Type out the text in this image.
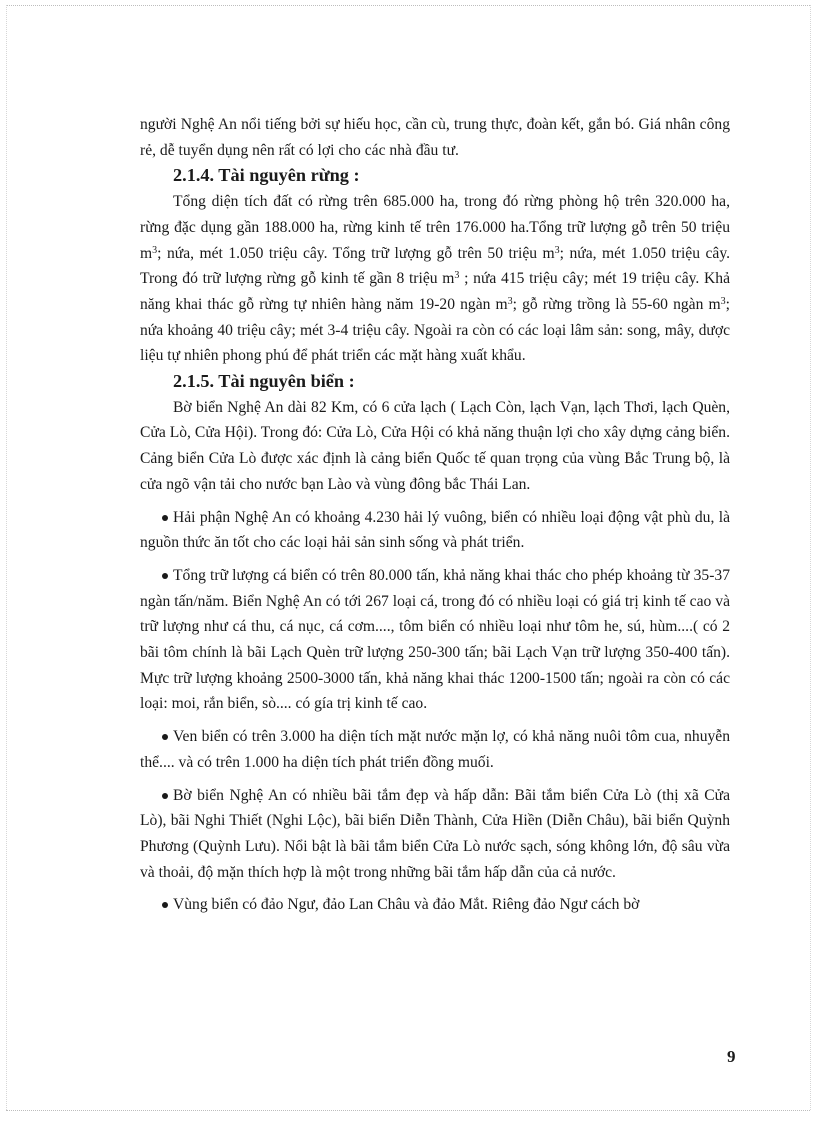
người Nghệ An nổi tiếng bởi sự hiếu học, cần cù, trung thực, đoàn kết, gắn bó. Giá nhân công rẻ, dễ tuyển dụng nên rất có lợi cho các nhà đầu tư.

2.1.4. Tài nguyên rừng :

Tổng diện tích đất có rừng trên 685.000 ha, trong đó rừng phòng hộ trên 320.000 ha, rừng đặc dụng gần 188.000 ha, rừng kinh tế trên 176.000 ha.Tổng trữ lượng gỗ trên 50 triệu $m^3$; nứa, mét 1.050 triệu cây. Tổng trữ lượng gỗ trên 50 triệu $m^3$; nứa, mét 1.050 triệu cây. Trong đó trữ lượng rừng gỗ kinh tế gần 8 triệu $m^3$ ; nứa 415 triệu cây; mét 19 triệu cây. Khả năng khai thác gỗ rừng tự nhiên hàng năm 19-20 ngàn $m^3$; gỗ rừng trồng là 55-60 ngàn $m^3$; nứa khoảng 40 triệu cây; mét 3-4 triệu cây. Ngoài ra còn có các loại lâm sản: song, mây, dược liệu tự nhiên phong phú để phát triển các mặt hàng xuất khẩu.

2.1.5. Tài nguyên biển :

Bờ biển Nghệ An dài 82 Km, có 6 cửa lạch ( Lạch Còn, lạch Vạn, lạch Thơi, lạch Quèn, Cửa Lò, Cửa Hội). Trong đó: Cửa Lò, Cửa Hội có khả năng thuận lợi cho xây dựng cảng biển. Cảng biển Cửa Lò được xác định là cảng biển Quốc tế quan trọng của vùng Bắc Trung bộ, là cửa ngõ vận tải cho nước bạn Lào và vùng đông bắc Thái Lan.

Hải phận Nghệ An có khoảng 4.230 hải lý vuông, biển có nhiều loại động vật phù du, là nguồn thức ăn tốt cho các loại hải sản sinh sống và phát triển.
Tổng trữ lượng cá biển có trên 80.000 tấn, khả năng khai thác cho phép khoảng từ 35-37 ngàn tấn/năm. Biển Nghệ An có tới 267 loại cá, trong đó có nhiều loại có giá trị kinh tế cao và trữ lượng như cá thu, cá nục, cá cơm...., tôm biển có nhiều loại như tôm he, sú, hùm....( có 2 bãi tôm chính là bãi Lạch Quèn trữ lượng 250-300 tấn; bãi Lạch Vạn trữ lượng 350-400 tấn). Mực trữ lượng khoảng 2500-3000 tấn, khả năng khai thác 1200-1500 tấn; ngoài ra còn có các loại: moi, rắn biển, sò.... có gía trị kinh tế cao.
Ven biển có trên 3.000 ha diện tích mặt nước mặn lợ, có khả năng nuôi tôm cua, nhuyễn thể.... và có trên 1.000 ha diện tích phát triển đồng muối.
Bờ biển Nghệ An có nhiều bãi tắm đẹp và hấp dẫn: Bãi tắm biển Cửa Lò (thị xã Cửa Lò), bãi Nghi Thiết (Nghi Lộc), bãi biển Diễn Thành, Cửa Hiền (Diễn Châu), bãi biển Quỳnh Phương (Quỳnh Lưu). Nổi bật là bãi tắm biển Cửa Lò nước sạch, sóng không lớn, độ sâu vừa và thoải, độ mặn thích hợp là một trong những bãi tắm hấp dẫn của cả nước.
Vùng biển có đảo Ngư, đảo Lan Châu và đảo Mắt. Riêng đảo Ngư cách bờ
9
